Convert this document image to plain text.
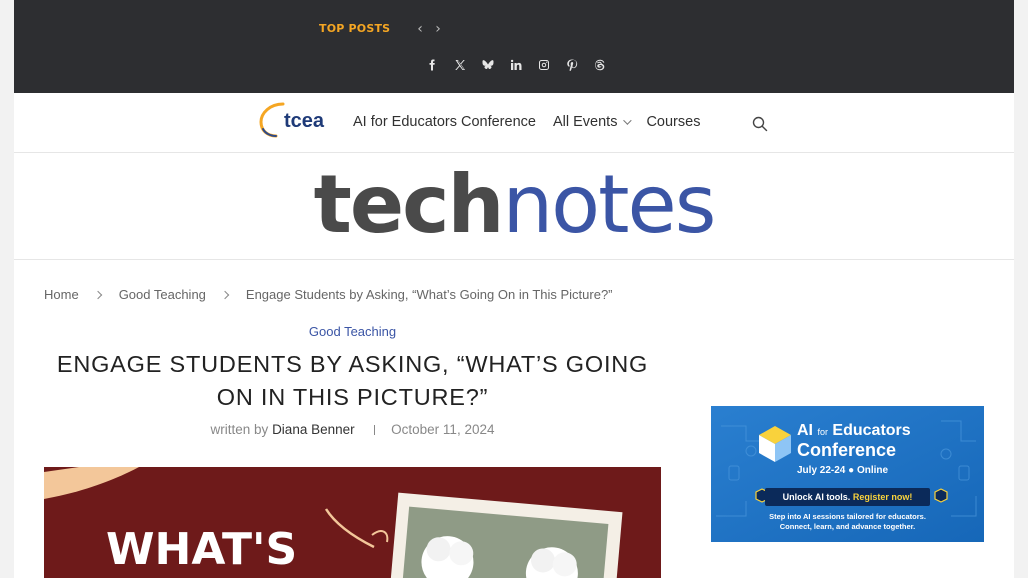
TOP POSTS ‹ ›
tcea AI for Educators Conference All Events Courses
technotes
Home	Good Teaching	Engage Students by Asking, “What’s Going On in This Picture?”
Good Teaching
ENGAGE STUDENTS BY ASKING, “WHAT’S GOING ON IN THIS PICTURE?”
written by Diana Benner	October 11, 2024
WHAT'S
AI for Educators
Conference
July 22-24 ● Online
Unlock AI tools. Register now!
Step into AI sessions tailored for educators.
Connect, learn, and advance together.
